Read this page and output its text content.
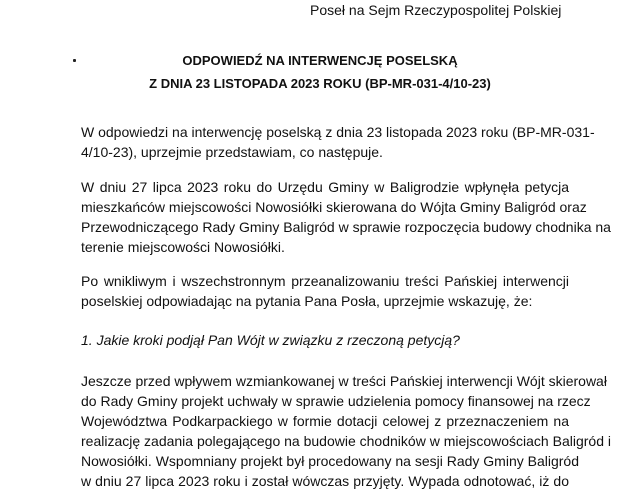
Poseł na Sejm Rzeczypospolitej Polskiej
ODPOWIEDŹ NA INTERWENCJĘ POSELSKĄ
Z DNIA 23 LISTOPADA 2023 ROKU (BP-MR-031-4/10-23)
W odpowiedzi na interwencję poselską z dnia 23 listopada 2023 roku (BP-MR-031-
4/10-23), uprzejmie przedstawiam, co następuje.
W dniu 27 lipca 2023 roku do Urzędu Gminy w Baligrodzie wpłynęła petycja
mieszkańców miejscowości Nowosiółki skierowana do Wójta Gminy Baligród oraz
Przewodniczącego Rady Gminy Baligród w sprawie rozpoczęcia budowy chodnika na
terenie miejscowości Nowosiółki.
Po wnikliwym i wszechstronnym przeanalizowaniu treści Pańskiej interwencji
poselskiej odpowiadając na pytania Pana Posła, uprzejmie wskazuję, że:
1. Jakie kroki podjął Pan Wójt w związku z rzeczoną petycją?
Jeszcze przed wpływem wzmiankowanej w treści Pańskiej interwencji Wójt skierował
do Rady Gminy projekt uchwały w sprawie udzielenia pomocy finansowej na rzecz
Województwa Podkarpackiego w formie dotacji celowej z przeznaczeniem na
realizację zadania polegającego na budowie chodników w miejscowościach Baligród i
Nowosiółki. Wspomniany projekt był procedowany na sesji Rady Gminy Baligród
w dniu 27 lipca 2023 roku i został wówczas przyjęty. Wypada odnotować, iż do
